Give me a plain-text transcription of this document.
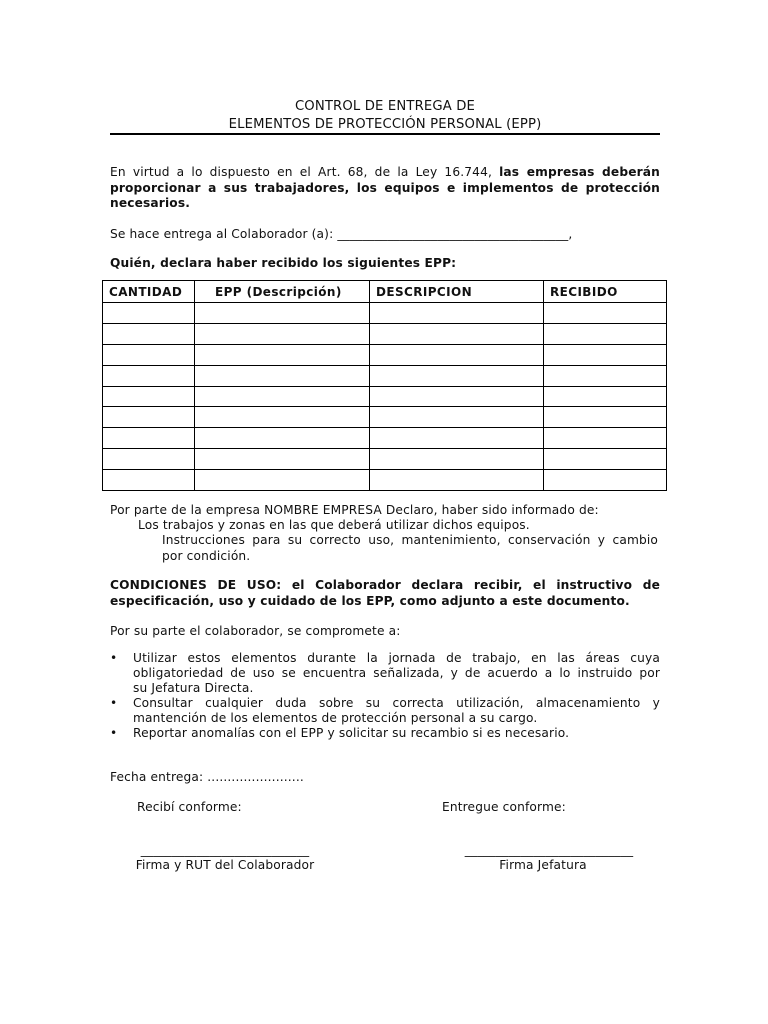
CONTROL DE ENTREGA DE
ELEMENTOS DE PROTECCIÓN PERSONAL (EPP)
En virtud a lo dispuesto en el Art. 68, de la Ley 16.744, las empresas deberán
proporcionar a sus trabajadores, los equipos e implementos de protección
necesarios.
Se hace entrega al Colaborador (a): _____________________________________,
Quién, declara haber recibido los siguientes EPP:
CANTIDAD	EPP (Descripción)	DESCRIPCION	RECIBIDO

Por parte de la empresa NOMBRE EMPRESA Declaro, haber sido informado de:
Los trabajos y zonas en las que deberá utilizar dichos equipos.
Instrucciones para su correcto uso, mantenimiento, conservación y cambio
por condición.
CONDICIONES DE USO: el Colaborador declara recibir, el instructivo de
especificación, uso y cuidado de los EPP, como adjunto a este documento.
Por su parte el colaborador, se compromete a:
• Utilizar estos elementos durante la jornada de trabajo, en las áreas cuya
obligatoriedad de uso se encuentra señalizada, y de acuerdo a lo instruido por
su Jefatura Directa.
• Consultar cualquier duda sobre su correcta utilización, almacenamiento y
mantención de los elementos de protección personal a su cargo.
• Reportar anomalías con el EPP y solicitar su recambio si es necesario.
Fecha entrega: ........................
Recibí conforme:	Entregue conforme:
___________________________	___________________________
Firma y RUT del Colaborador	Firma Jefatura
